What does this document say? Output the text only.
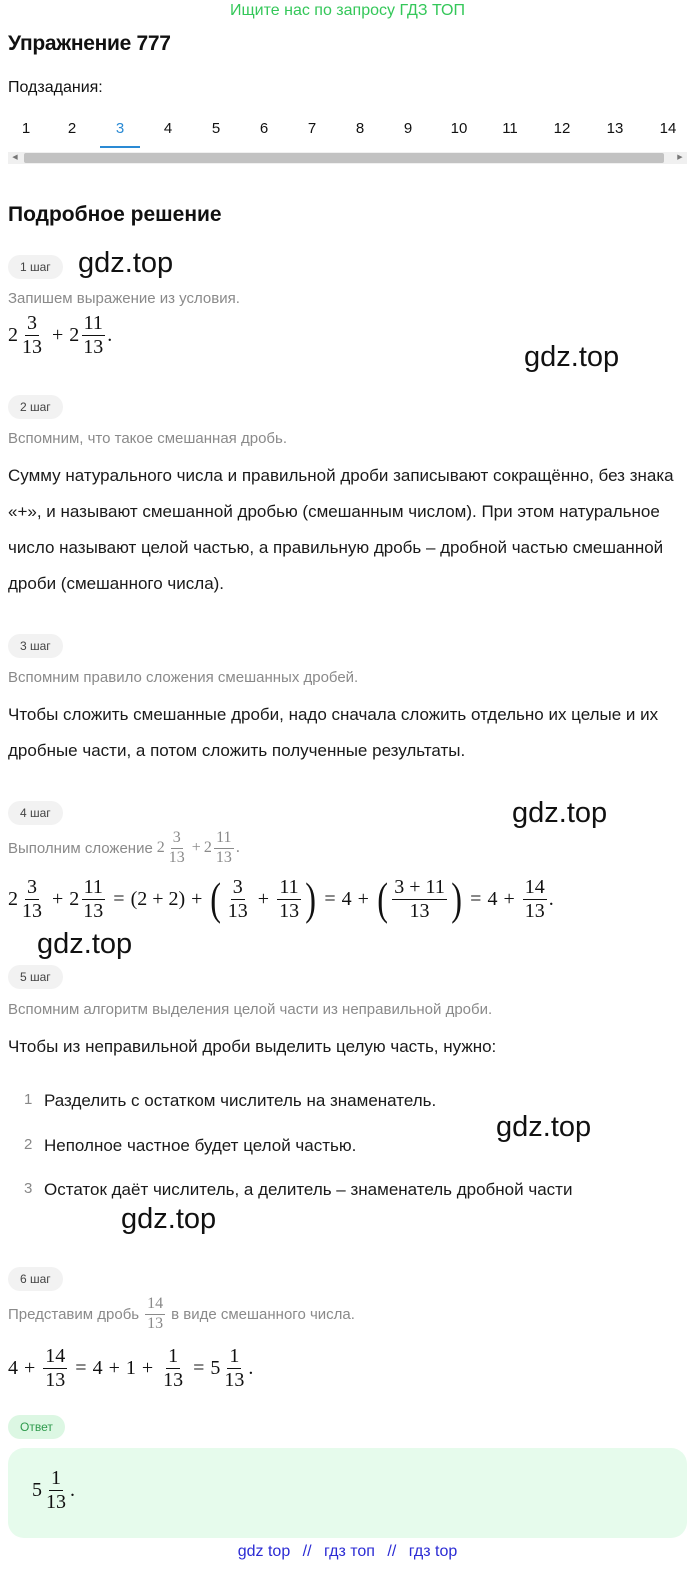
Ищите нас по запросу ГДЗ ТОП
Упражнение 777
Подзадания:
1	2	3	4	5	6	7	8	9	10	11	12	13	14
◀	▶
Подробное решение
1 шаг gdz.top
Запишем выражение из условия.
$2 \frac{3}{13} + 2 \frac{11}{13}$ .
gdz.top
2 шаг
Вспомним, что такое смешанная дробь.
Сумму натурального числа и правильной дроби записывают сокращённо, без знака «+», и называют смешанной дробью (смешанным числом). При этом натуральное число называют целой частью, а правильную дробь – дробной частью смешанной дроби (смешанного числа).
3 шаг
Вспомним правило сложения смешанных дробей.
Чтобы сложить смешанные дроби, надо сначала сложить отдельно их целые и их дробные части, а потом сложить полученные результаты.
4 шаг	gdz.top
Выполним сложение $2 \frac{3}{13} + 2 \frac{11}{13}$ .
$2 \frac{3}{13} + 2 \frac{11}{13} = (2 + 2)$ + ( $\frac{3}{13} + \frac{11}{13}$ ) = 4 + ( $\frac{3 + 11}{13}$ ) = $4 + \frac{14}{13}$ .
gdz.top
5 шаг
Вспомним алгоритм выделения целой части из неправильной дроби.
Чтобы из неправильной дроби выделить целую часть, нужно:
1 Разделить с остатком числитель на знаменатель.
2 Неполное частное будет целой частью.
gdz.top
3 Остаток даёт числитель, а делитель – знаменатель дробной части
gdz.top
6 шаг
Представим дробь $\frac{14}{13}$ в виде смешанного числа.
$4 + \frac{14}{13} = 4 + 1 + \frac{1}{13} = 5 \frac{1}{13}$ .
Ответ
$5 \frac{1}{13}$ .
gdz top // гдз топ // гдз top
